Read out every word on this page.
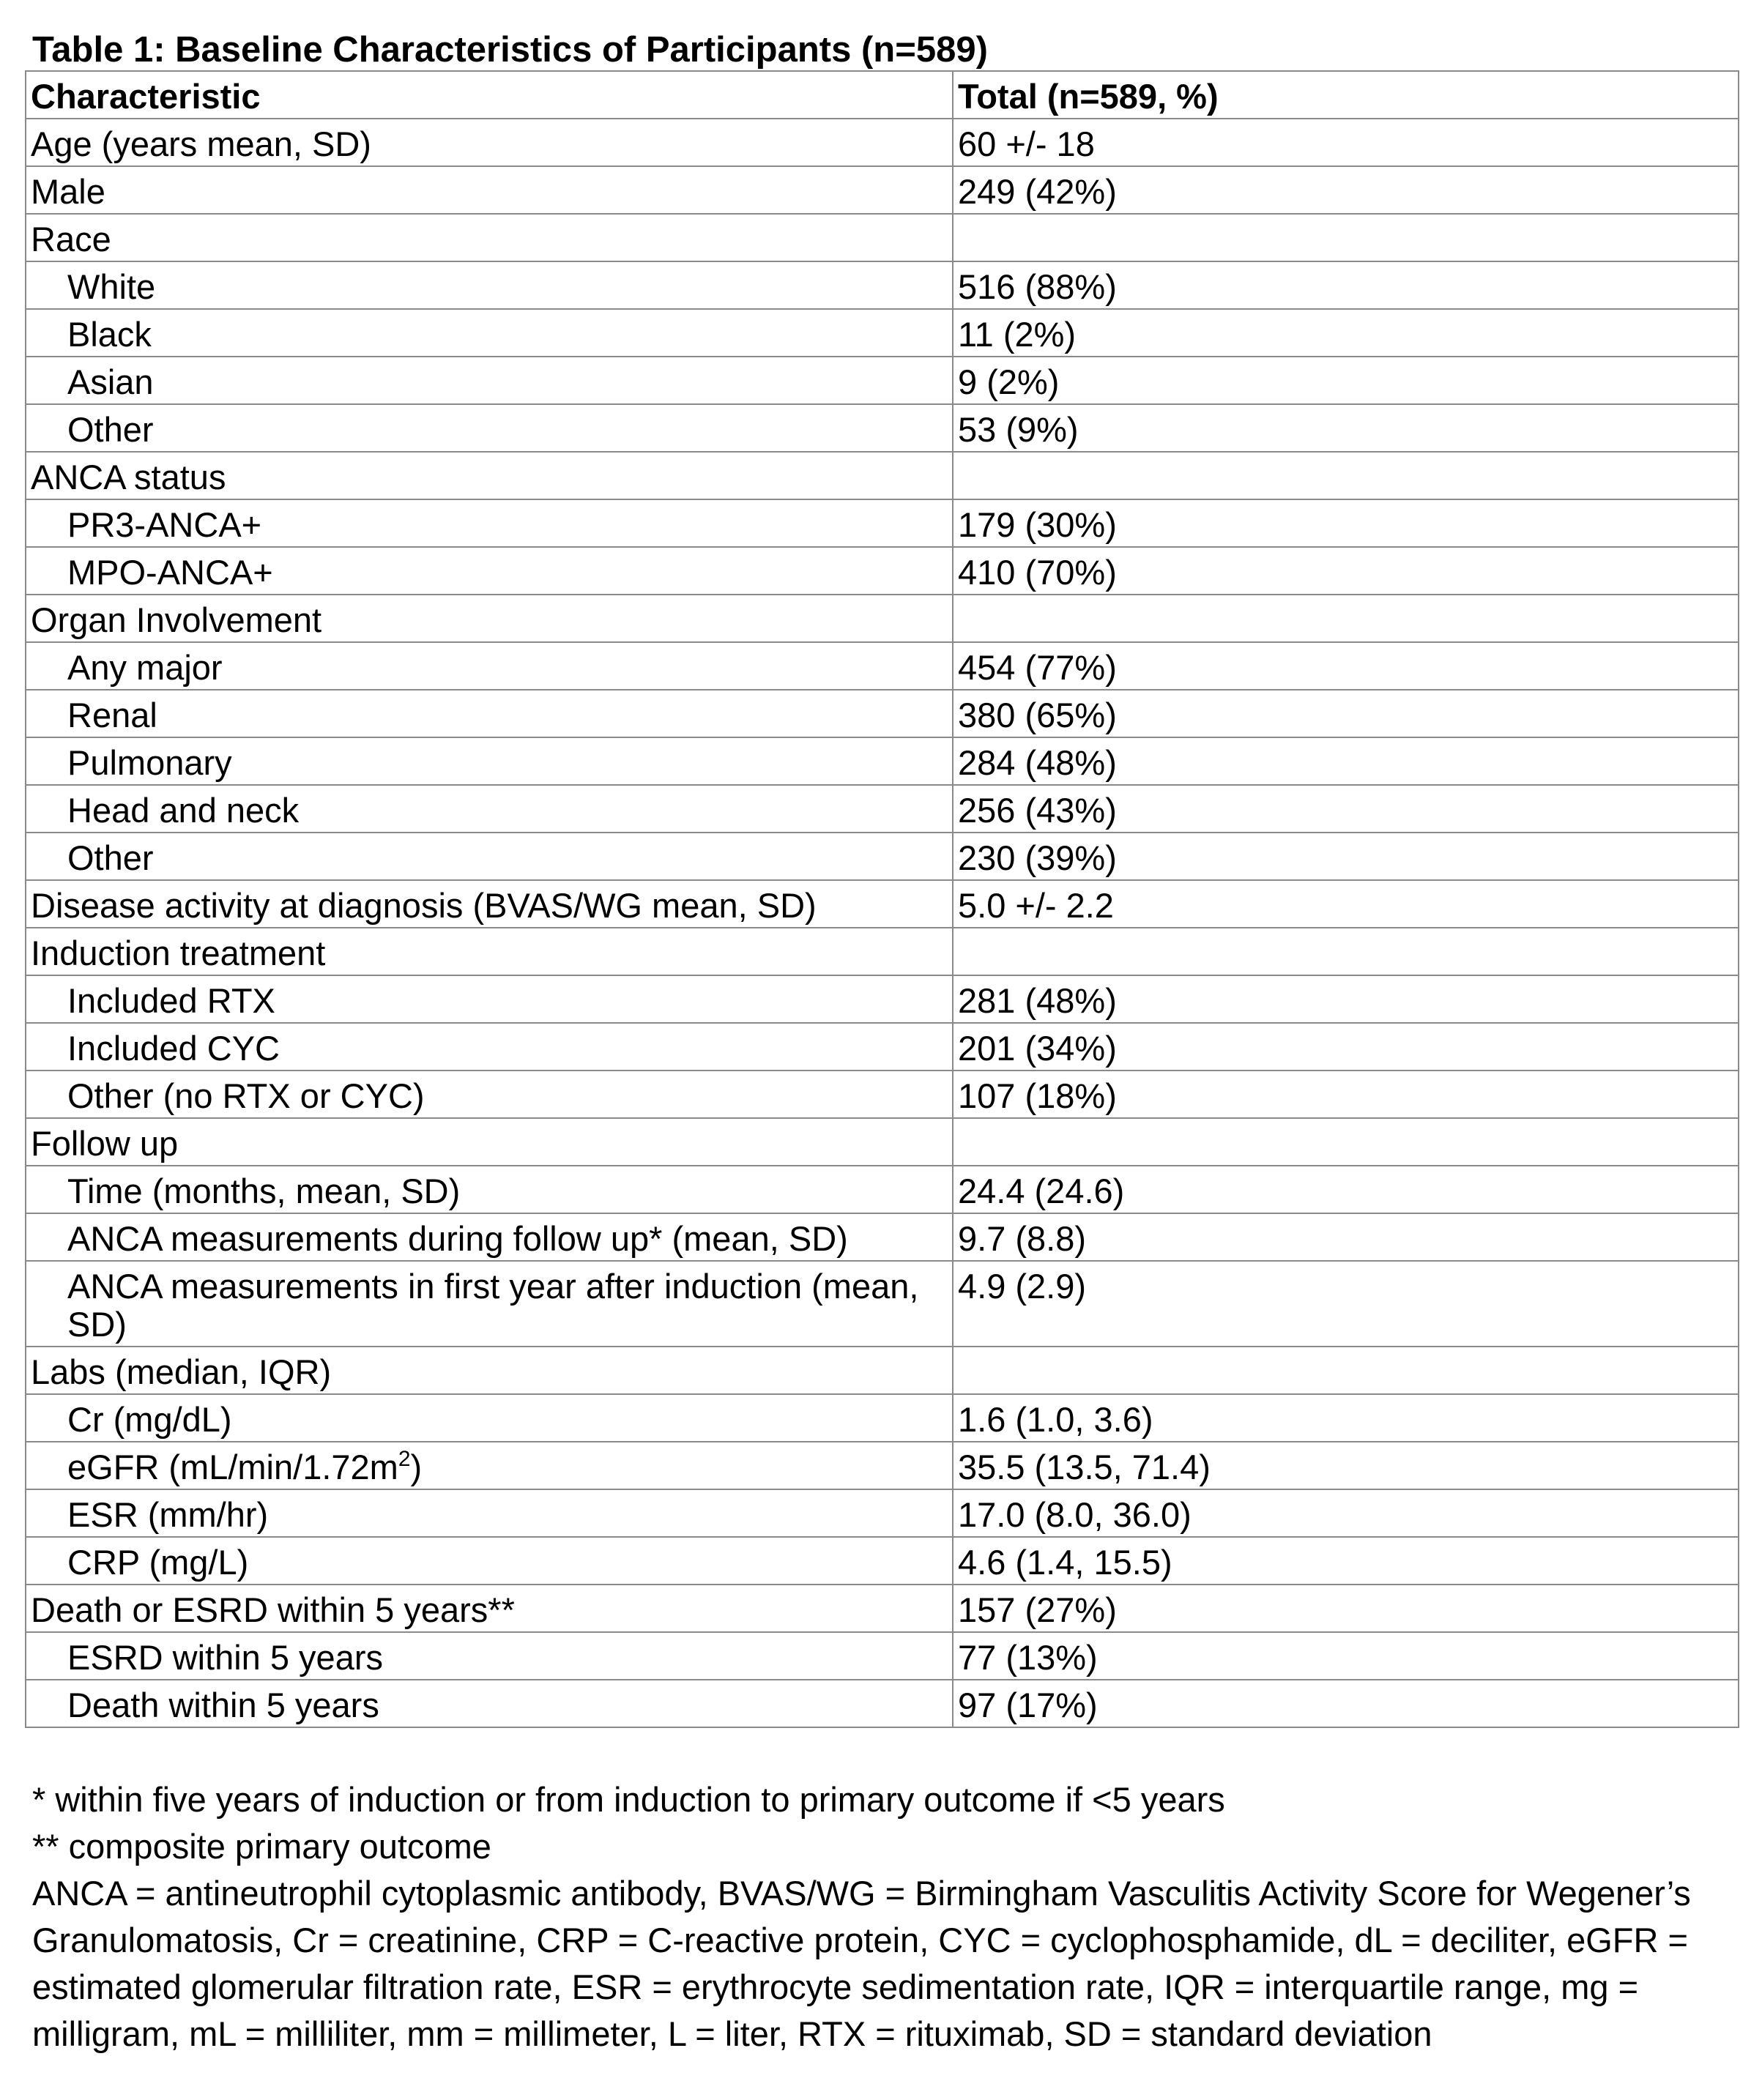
Table 1: Baseline Characteristics of Participants (n=589)
Characteristic	Total (n=589, %)
Age (years mean, SD)	60 +/- 18
Male	249 (42%)
Race	
White	516 (88%)
Black	11 (2%)
Asian	9 (2%)
Other	53 (9%)
ANCA status	
PR3-ANCA+	179 (30%)
MPO-ANCA+	410 (70%)
Organ Involvement	
Any major	454 (77%)
Renal	380 (65%)
Pulmonary	284 (48%)
Head and neck	256 (43%)
Other	230 (39%)
Disease activity at diagnosis (BVAS/WG mean, SD)	5.0 +/- 2.2
Induction treatment	
Included RTX	281 (48%)
Included CYC	201 (34%)
Other (no RTX or CYC)	107 (18%)
Follow up	
Time (months, mean, SD)	24.4 (24.6)
ANCA measurements during follow up* (mean, SD)	9.7 (8.8)
ANCA measurements in first year after induction (mean, SD)	4.9 (2.9)
Labs (median, IQR)	
Cr (mg/dL)	1.6 (1.0, 3.6)
eGFR $(mL/\min/1.72m^2)$	35.5 (13.5, 71.4)
ESR (mm/hr)	17.0 (8.0, 36.0)
CRP (mg/L)	4.6 (1.4, 15.5)
Death or ESRD within 5 years**	157 (27%)
ESRD within 5 years	77 (13%)
Death within 5 years	97 (17%)

* within five years of induction or from induction to primary outcome if <5 years

** composite primary outcome

ANCA = antineutrophil cytoplasmic antibody, BVAS/WG = Birmingham Vasculitis Activity Score for Wegener’s Granulomatosis, Cr = creatinine, CRP = C-reactive protein, CYC = cyclophosphamide, dL = deciliter, eGFR = estimated glomerular filtration rate, ESR = erythrocyte sedimentation rate, IQR = interquartile range, mg = milligram, mL = milliliter, mm = millimeter, L = liter, RTX = rituximab, SD = standard deviation
